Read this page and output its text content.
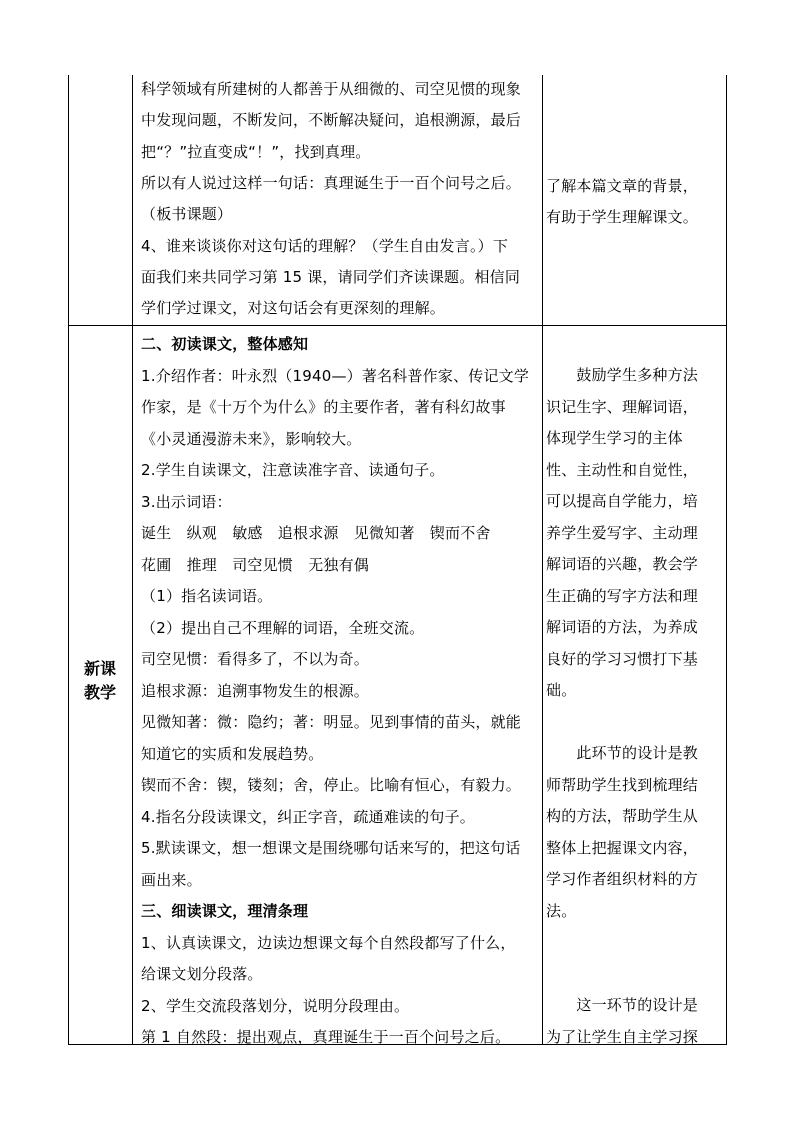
新课
教学
科学领域有所建树的人都善于从细微的、司空见惯的现象
中发现问题，不断发问，不断解决疑问，追根溯源，最后
把“？”拉直变成“！”，找到真理。
所以有人说过这样一句话：真理诞生于一百个问号之后。
（板书课题）
4、谁来谈谈你对这句话的理解？（学生自由发言。）下
面我们来共同学习第 15 课，请同学们齐读课题。相信同
学们学过课文，对这句话会有更深刻的理解。
了解本篇文章的背景，
有助于学生理解课文。
二、初读课文，整体感知
1.介绍作者：叶永烈（1940—）著名科普作家、传记文学
作家，是《十万个为什么》的主要作者，著有科幻故事
《小灵通漫游未来》，影响较大。
2.学生自读课文，注意读准字音、读通句子。
3.出示词语：
诞生　纵观　敏感　追根求源　见微知著　锲而不舍
花圃　推理　司空见惯　无独有偶
（1）指名读词语。
（2）提出自己不理解的词语，全班交流。
司空见惯：看得多了，不以为奇。
追根求源：追溯事物发生的根源。
见微知著：微：隐约；著：明显。见到事情的苗头，就能
知道它的实质和发展趋势。
锲而不舍：锲，镂刻；舍，停止。比喻有恒心，有毅力。
4.指名分段读课文，纠正字音，疏通难读的句子。
5.默读课文，想一想课文是围绕哪句话来写的，把这句话
画出来。
三、细读课文，理清条理
1、认真读课文，边读边想课文每个自然段都写了什么，
给课文划分段落。
2、学生交流段落划分，说明分段理由。
第 1 自然段：提出观点，真理诞生于一百个问号之后。
　　鼓励学生多种方法
识记生字、理解词语，
体现学生学习的主体
性、主动性和自觉性，
可以提高自学能力，培
养学生爱写字、主动理
解词语的兴趣，教会学
生正确的写字方法和理
解词语的方法，为养成
良好的学习习惯打下基
础。
　　此环节的设计是教
师帮助学生找到梳理结
构的方法，帮助学生从
整体上把握课文内容，
学习作者组织材料的方
法。
　　这一环节的设计是
为了让学生自主学习探
